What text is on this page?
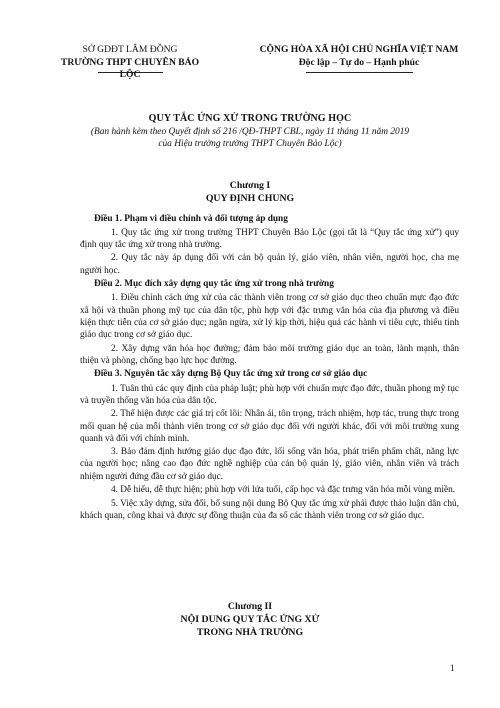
SỞ GDĐT LÂM ĐỒNG
TRƯỜNG THPT CHUYÊN BẢO LỘC
CỘNG HÒA XÃ HỘI CHỦ NGHĨA VIỆT NAM
Độc lập – Tự do – Hạnh phúc
QUY TẮC ỨNG XỬ TRONG TRƯỜNG HỌC
(Ban hành kèm theo Quyết định số 216 /QĐ-THPT CBL, ngày 11 tháng 11 năm 2019
của Hiệu trưởng trường THPT Chuyên Bảo Lộc)
Chương I
QUY ĐỊNH CHUNG

Điều 1. Phạm vi điều chỉnh và đối tượng áp dụng

1. Quy tắc ứng xử trong trường THPT Chuyên Bảo Lộc (gọi tắt là “Quy tắc ứng xử”) quy định quy tắc ứng xử trong nhà trường.

2. Quy tắc này áp dụng đối với cán bộ quản lý, giáo viên, nhân viên, người học, cha mẹ người học.

Điều 2. Mục đích xây dựng quy tắc ứng xử trong nhà trường

1. Điều chỉnh cách ứng xử của các thành viên trong cơ sở giáo dục theo chuẩn mực đạo đức xã hội và thuần phong mỹ tục của dân tộc, phù hợp với đặc trưng văn hóa của địa phương và điều kiện thực tiễn của cơ sở giáo dục; ngăn ngừa, xử lý kịp thời, hiệu quả các hành vi tiêu cực, thiếu tính giáo dục trong cơ sở giáo dục.

2. Xây dựng văn hóa học đường; đảm bảo môi trường giáo dục an toàn, lành mạnh, thân thiện và phòng, chống bạo lực học đường.

Điều 3. Nguyên tắc xây dựng Bộ Quy tắc ứng xử trong cơ sở giáo dục

1. Tuân thủ các quy định của pháp luật; phù hợp với chuẩn mực đạo đức, thuần phong mỹ tục và truyền thống văn hóa của dân tộc.

2. Thể hiện được các giá trị cốt lõi: Nhân ái, tôn trọng, trách nhiệm, hợp tác, trung thực trong mối quan hệ của mỗi thành viên trong cơ sở giáo dục đối với người khác, đối với môi trường xung quanh và đối với chính mình.

3. Bảo đảm định hướng giáo dục đạo đức, lối sống văn hóa, phát triển phẩm chất, năng lực của người học; nâng cao đạo đức nghề nghiệp của cán bộ quản lý, giáo viên, nhân viên và trách nhiệm người đứng đầu cơ sở giáo dục.

4. Dễ hiểu, dễ thực hiện; phù hợp với lứa tuổi, cấp học và đặc trưng văn hóa mỗi vùng miền.

5. Việc xây dựng, sửa đổi, bổ sung nội dung Bộ Quy tắc ứng xử phải được thảo luận dân chủ, khách quan, công khai và được sự đồng thuận của đa số các thành viên trong cơ sở giáo dục.

Chương II
NỘI DUNG QUY TẮC ỨNG XỬ
TRONG NHÀ TRƯỜNG
1
